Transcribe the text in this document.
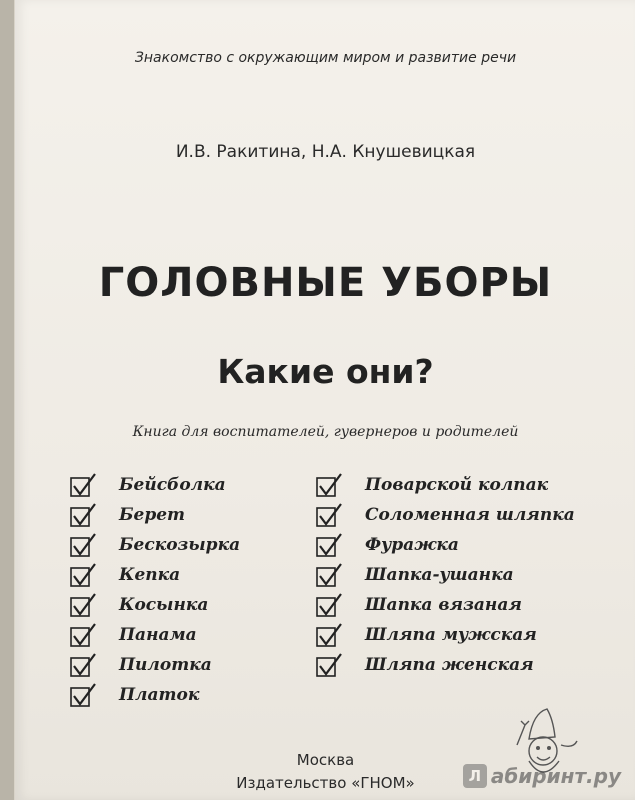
Знакомство с окружающим миром и развитие речи
И.В. Ракитина, Н.А. Кнушевицкая
ГОЛОВНЫЕ УБОРЫ
Какие они?
Книга для воспитателей, гувернеров и родителей
Бейсболка
Берет
Бескозырка
Кепка
Косынка
Панама
Пилотка
Платок
Поварской колпак
Соломенная шляпка
Фуражка
Шапка-ушанка
Шапка вязаная
Шляпа мужская
Шляпа женская
Москва
Издательство «ГНОМ»	Л абиринт.ру
